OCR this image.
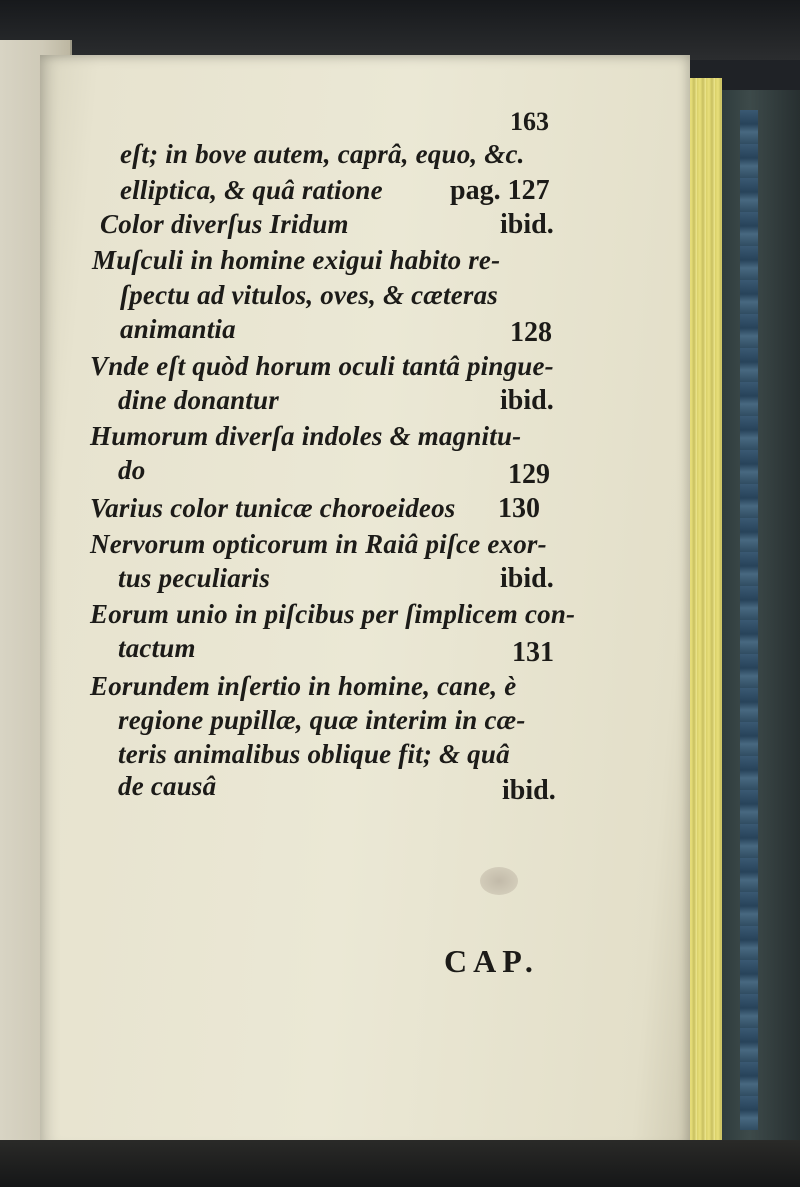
163
eſt; in bove autem, caprâ, equo, &c.
elliptica, & quâ ratione pag. 127
Color diverſus Iridum	ibid.
Muſculi in homine exigui habito re-
ſpectu ad vitulos, oves, & cæteras
animantia	128
Vnde eſt quòd horum oculi tantâ pingue-
dine donantur	ibid.
Humorum diverſa indoles & magnitu-
do	129
Varius color tunicæ choroeideos 130
Nervorum opticorum in Raiâ piſce exor-
tus peculiaris	ibid.
Eorum unio in piſcibus per ſimplicem con-
tactum	131
Eorundem inſertio in homine, cane, è
regione pupillæ, quæ interim in cæ-
teris animalibus oblique fit; & quâ
de causâ	ibid.
CAP.
